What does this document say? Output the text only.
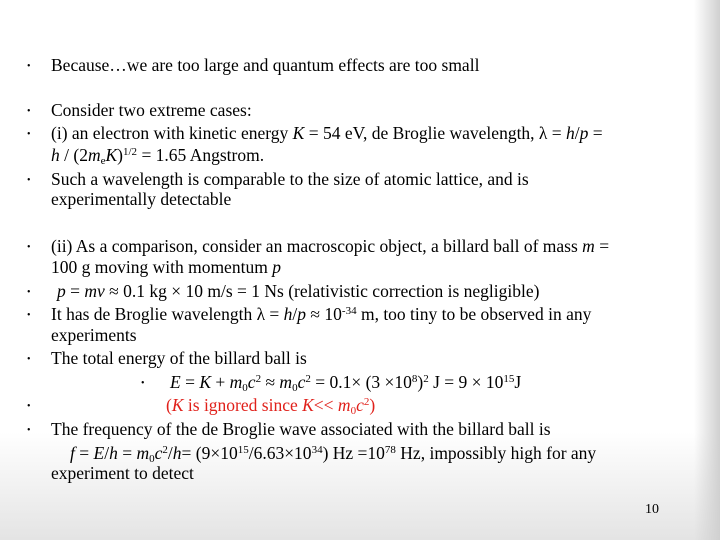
•
•
•
•
•
•
•
•
•
•
•
Because…we are too large and quantum effects are too small
Consider two extreme cases:
(i) an electron with kinetic energy K = 54 eV, de Broglie wavelength, λ = h/p =
$h / (2m_eK)^{1/2} = 1.65$ Angstrom.
Such a wavelength is comparable to the size of atomic lattice, and is
experimentally detectable
(ii) As a comparison, consider an macroscopic object, a billard ball of mass m =
100 g moving with momentum p
p = mv ≈ 0.1 kg × 10 m/s = 1 Ns (relativistic correction is negligible)
It has de Broglie wavelength $\lambda = h/p \approx 10^{-34}$ m, too tiny to be observed in any
experiments
The total energy of the billard ball is
$E = K + m_0c^2 \approx m_0c^2 = 0.1\times (3 \times 10^8)^2$ $J = 9 \times 10^{15}J$
(K is ignored since $K<< m_0c^2$)
The frequency of the de Broglie wave associated with the billard ball is
$f = E/h = m_0c^2/h= (9\times 10^{15}/6.63\times 10^{34})$ $Hz =10^{78}$ Hz, impossibly high for any
experiment to detect
10
